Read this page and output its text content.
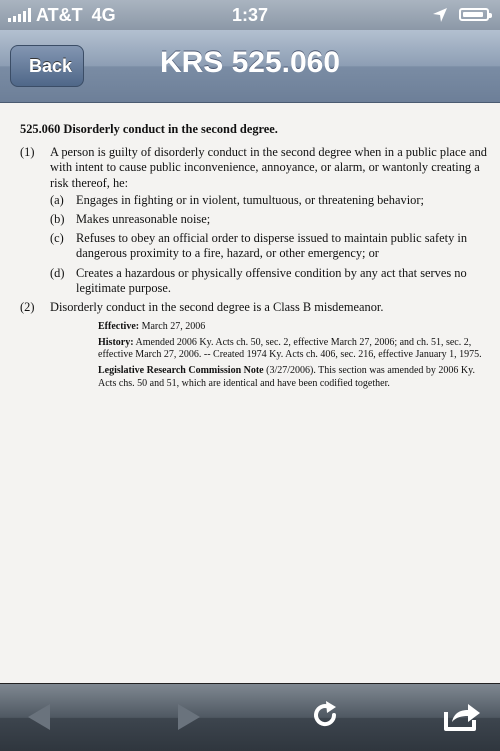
AT&T 4G	1:37
Back	KRS 525.060
525.060 Disorderly conduct in the second degree.
(1) A person is guilty of disorderly conduct in the second degree when in a public place and with intent to cause public inconvenience, annoyance, or alarm, or wantonly creating a risk thereof, he:
(a) Engages in fighting or in violent, tumultuous, or threatening behavior;
(b) Makes unreasonable noise;
(c) Refuses to obey an official order to disperse issued to maintain public safety in dangerous proximity to a fire, hazard, or other emergency; or
(d) Creates a hazardous or physically offensive condition by any act that serves no legitimate purpose.
(2) Disorderly conduct in the second degree is a Class B misdemeanor.
Effective: March 27, 2006
History: Amended 2006 Ky. Acts ch. 50, sec. 2, effective March 27, 2006; and ch. 51, sec. 2, effective March 27, 2006. -- Created 1974 Ky. Acts ch. 406, sec. 216, effective January 1, 1975.
Legislative Research Commission Note (3/27/2006). This section was amended by 2006 Ky. Acts chs. 50 and 51, which are identical and have been codified together.
